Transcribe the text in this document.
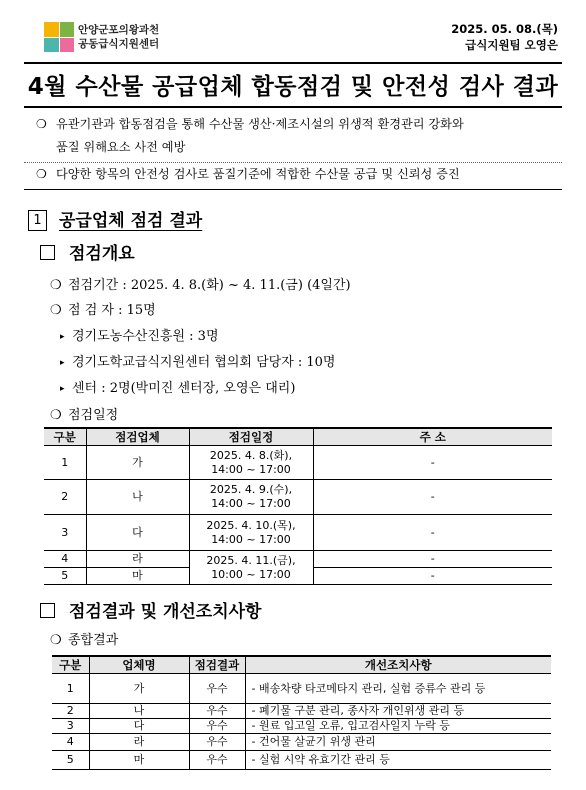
안양군포의왕과천
공동급식지원센터
2025. 05. 08.(목)
급식지원팀 오영은
4월 수산물 공급업체 합동점검 및 안전성 검사 결과
❍ 유관기관과 합동점검을 통해 수산물 생산·제조시설의 위생적 환경관리 강화와
품질 위해요소 사전 예방
❍ 다양한 항목의 안전성 검사로 품질기준에 적합한 수산물 공급 및 신뢰성 증진
1 공급업체 점검 결과
점검개요
❍ 점검기간 : 2025. 4. 8.(화) ~ 4. 11.(금) (4일간)
❍ 점 검 자 : 15명
▸ 경기도농수산진흥원 : 3명
▸ 경기도학교급식지원센터 협의회 담당자 : 10명
▸ 센터 : 2명(박미진 센터장, 오영은 대리)
❍ 점검일정
구분	점검업체	점검일정	주 소
1	가	2025. 4. 8.(화),
14:00 ~ 17:00	-
2	나	2025. 4. 9.(수),
14:00 ~ 17:00	-
3	다	2025. 4. 10.(목),
14:00 ~ 17:00	-
4	라	2025. 4. 11.(금),
10:00 ~ 17:00	-
5	마		-
점검결과 및 개선조치사항
❍ 종합결과
구분	업체명	점검결과	개선조치사항
1	가	우수	- 배송차량 타코메타지 관리, 실험 증류수 관리 등
2	나	우수	- 폐기물 구분 관리, 종사자 개인위생 관리 등
3	다	우수	- 원료 입고일 오류, 입고검사일지 누락 등
4	라	우수	- 건어물 살균기 위생 관리
5	마	우수	- 실험 시약 유효기간 관리 등
